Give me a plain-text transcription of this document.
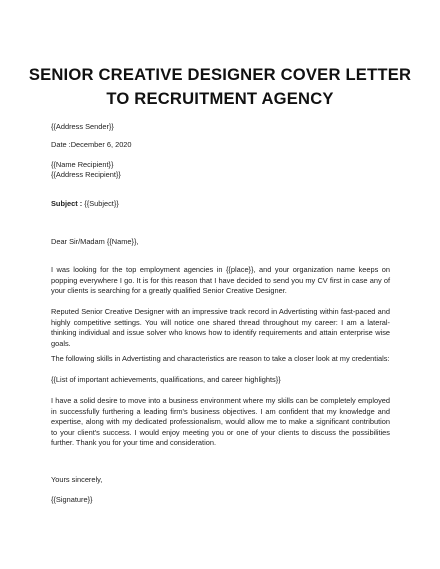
SENIOR CREATIVE DESIGNER COVER LETTER
TO RECRUITMENT AGENCY
{{Address Sender}}
Date :December 6, 2020
{{Name Recipient}}
{{Address Recipient}}
Subject : {{Subject}}
Dear Sir/Madam {{Name}},
I was looking for the top employment agencies in {{place}}, and your organization name keeps on popping everywhere I go. It is for this reason that I have decided to send you my CV first in case any of your clients is searching for a greatly qualified Senior Creative Designer.
Reputed Senior Creative Designer with an impressive track record in Advertisting within fast-paced and highly competitive settings. You will notice one shared thread throughout my career: I am a lateral-thinking individual and issue solver who knows how to identify requirements and attain enterprise wise goals.
The following skills in Advertisting and characteristics are reason to take a closer look at my credentials:
{{List of important achievements, qualifications, and career highlights}}
I have a solid desire to move into a business environment where my skills can be completely employed in successfully furthering a leading firm's business objectives. I am confident that my knowledge and expertise, along with my dedicated professionalism, would allow me to make a significant contribution to your client's success. I would enjoy meeting you or one of your clients to discuss the possibilities further. Thank you for your time and consideration.
Yours sincerely,
{{Signature}}
